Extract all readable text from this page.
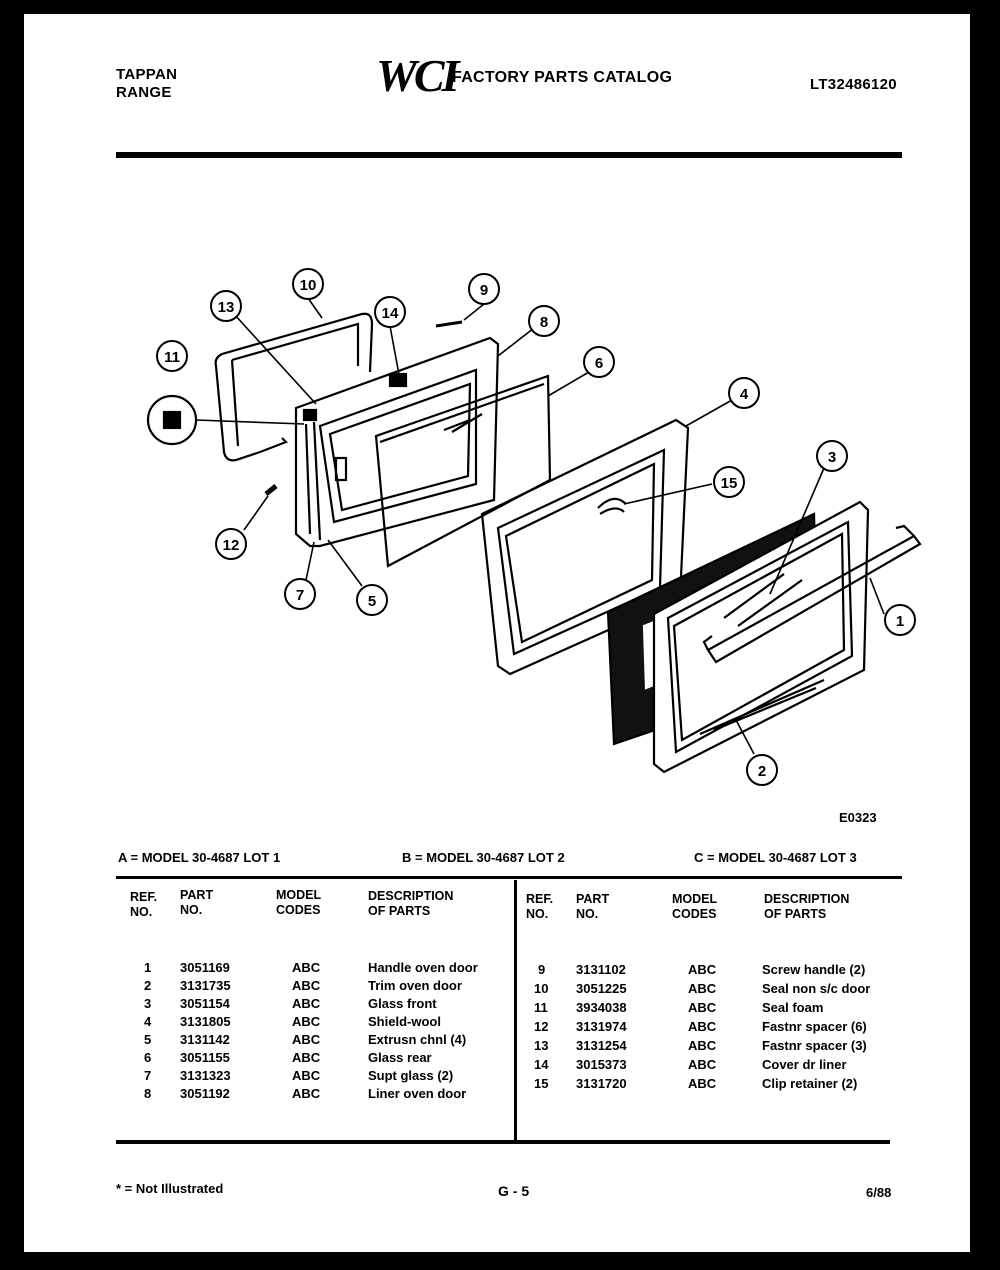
TAPPAN
RANGE	WCI
FACTORY PARTS CATALOG	LT32486120
10
13	14
9
8
6
4
15
3
1
2
11
12
7	5
E0323
A = MODEL 30-4687 LOT 1	B = MODEL 30-4687 LOT 2	C = MODEL 30-4687 LOT 3
REF.
NO.
PART
NO.
MODEL
CODES
DESCRIPTION
OF PARTS
REF.
NO.
PART
NO.
MODEL
CODES
DESCRIPTION
OF PARTS
1 3051169	ABC	Handle oven door
2 3131735	ABC	Trim oven door
3 3051154	ABC	Glass front
4 3131805	ABC	Shield-wool
5 3131142	ABC	Extrusn chnl (4)
6 3051155	ABC	Glass rear
7 3131323	ABC	Supt glass (2)
8 3051192	ABC	Liner oven door
9 3131102	ABC	Screw handle (2)
10 3051225	ABC	Seal non s/c door
11 3934038	ABC	Seal foam
12 3131974	ABC	Fastnr spacer (6)
13 3131254	ABC	Fastnr spacer (3)
14 3015373	ABC	Cover dr liner
15 3131720	ABC	Clip retainer (2)
* = Not Illustrated	G - 5	6/88
